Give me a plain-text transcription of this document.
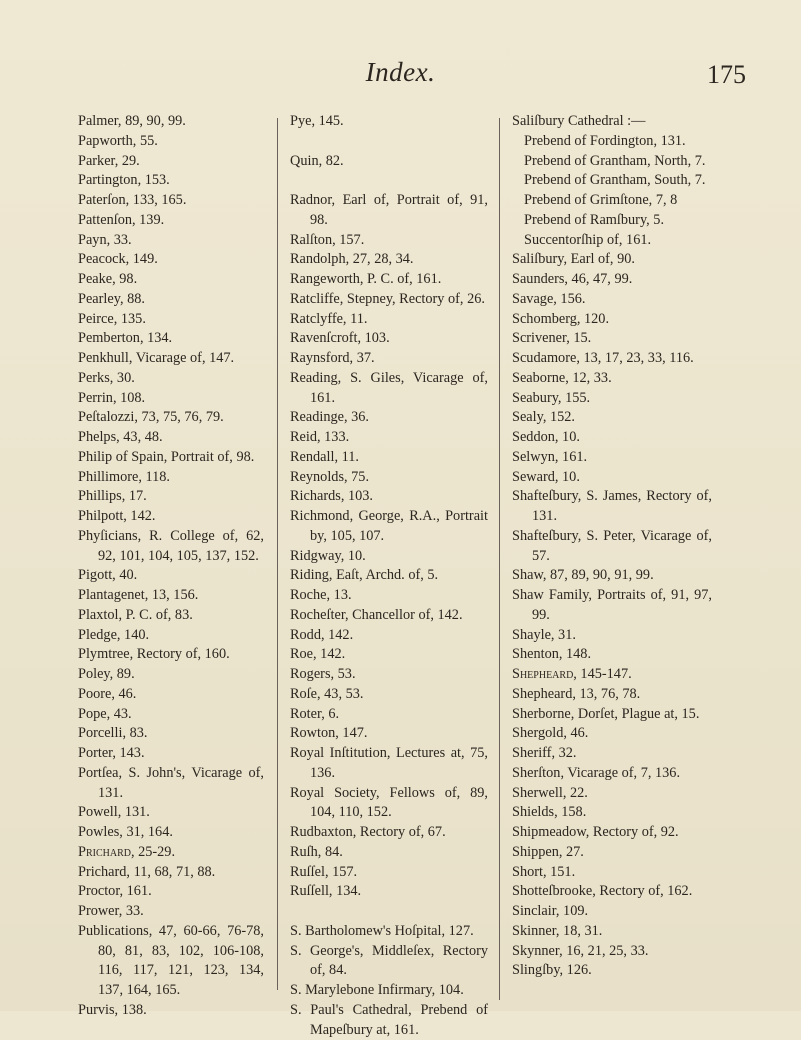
Index.	175
Palmer, 89, 90, 99.
Papworth, 55.
Parker, 29.
Partington, 153.
Paterſon, 133, 165.
Pattenſon, 139.
Payn, 33.
Peacock, 149.
Peake, 98.
Pearley, 88.
Peirce, 135.
Pemberton, 134.
Penkhull, Vicarage of, 147.
Perks, 30.
Perrin, 108.
Peſtalozzi, 73, 75, 76, 79.
Phelps, 43, 48.
Philip of Spain, Portrait of, 98.
Phillimore, 118.
Phillips, 17.
Philpott, 142.
Phyſicians, R. College of, 62, 92, 101, 104, 105, 137, 152.
Pigott, 40.
Plantagenet, 13, 156.
Plaxtol, P. C. of, 83.
Pledge, 140.
Plymtree, Rectory of, 160.
Poley, 89.
Poore, 46.
Pope, 43.
Porcelli, 83.
Porter, 143.
Portſea, S. John's, Vicarage of, 131.
Powell, 131.
Powles, 31, 164.
Prichard, 25-29.
Prichard, 11, 68, 71, 88.
Proctor, 161.
Prower, 33.
Publications, 47, 60-66, 76-78, 80, 81, 83, 102, 106-108, 116, 117, 121, 123, 134, 137, 164, 165.
Purvis, 138.
Pye, 145.
Quin, 82.
Radnor, Earl of, Portrait of, 91, 98.
Ralſton, 157.
Randolph, 27, 28, 34.
Rangeworth, P. C. of, 161.
Ratcliffe, Stepney, Rectory of, 26.
Ratclyffe, 11.
Ravenſcroft, 103.
Raynsford, 37.
Reading, S. Giles, Vicarage of, 161.
Readinge, 36.
Reid, 133.
Rendall, 11.
Reynolds, 75.
Richards, 103.
Richmond, George, R.A., Portrait by, 105, 107.
Ridgway, 10.
Riding, Eaſt, Archd. of, 5.
Roche, 13.
Rocheſter, Chancellor of, 142.
Rodd, 142.
Roe, 142.
Rogers, 53.
Roſe, 43, 53.
Roter, 6.
Rowton, 147.
Royal Inſtitution, Lectures at, 75, 136.
Royal Society, Fellows of, 89, 104, 110, 152.
Rudbaxton, Rectory of, 67.
Ruſh, 84.
Ruſſel, 157.
Ruſſell, 134.
S. Bartholomew's Hoſpital, 127.
S. George's, Middleſex, Rectory of, 84.
S. Marylebone Infirmary, 104.
S. Paul's Cathedral, Prebend of Mapeſbury at, 161.
Saliſbury Cathedral :—
Prebend of Fordington, 131.
Prebend of Grantham, North, 7.
Prebend of Grantham, South, 7.
Prebend of Grimſtone, 7, 8
Prebend of Ramſbury, 5.
Succentorſhip of, 161.
Saliſbury, Earl of, 90.
Saunders, 46, 47, 99.
Savage, 156.
Schomberg, 120.
Scrivener, 15.
Scudamore, 13, 17, 23, 33, 116.
Seaborne, 12, 33.
Seabury, 155.
Sealy, 152.
Seddon, 10.
Selwyn, 161.
Seward, 10.
Shafteſbury, S. James, Rectory of, 131.
Shafteſbury, S. Peter, Vicarage of, 57.
Shaw, 87, 89, 90, 91, 99.
Shaw Family, Portraits of, 91, 97, 99.
Shayle, 31.
Shenton, 148.
Shepheard, 145-147.
Shepheard, 13, 76, 78.
Sherborne, Dorſet, Plague at, 15.
Shergold, 46.
Sheriff, 32.
Sherſton, Vicarage of, 7, 136.
Sherwell, 22.
Shields, 158.
Shipmeadow, Rectory of, 92.
Shippen, 27.
Short, 151.
Shotteſbrooke, Rectory of, 162.
Sinclair, 109.
Skinner, 18, 31.
Skynner, 16, 21, 25, 33.
Slingſby, 126.
